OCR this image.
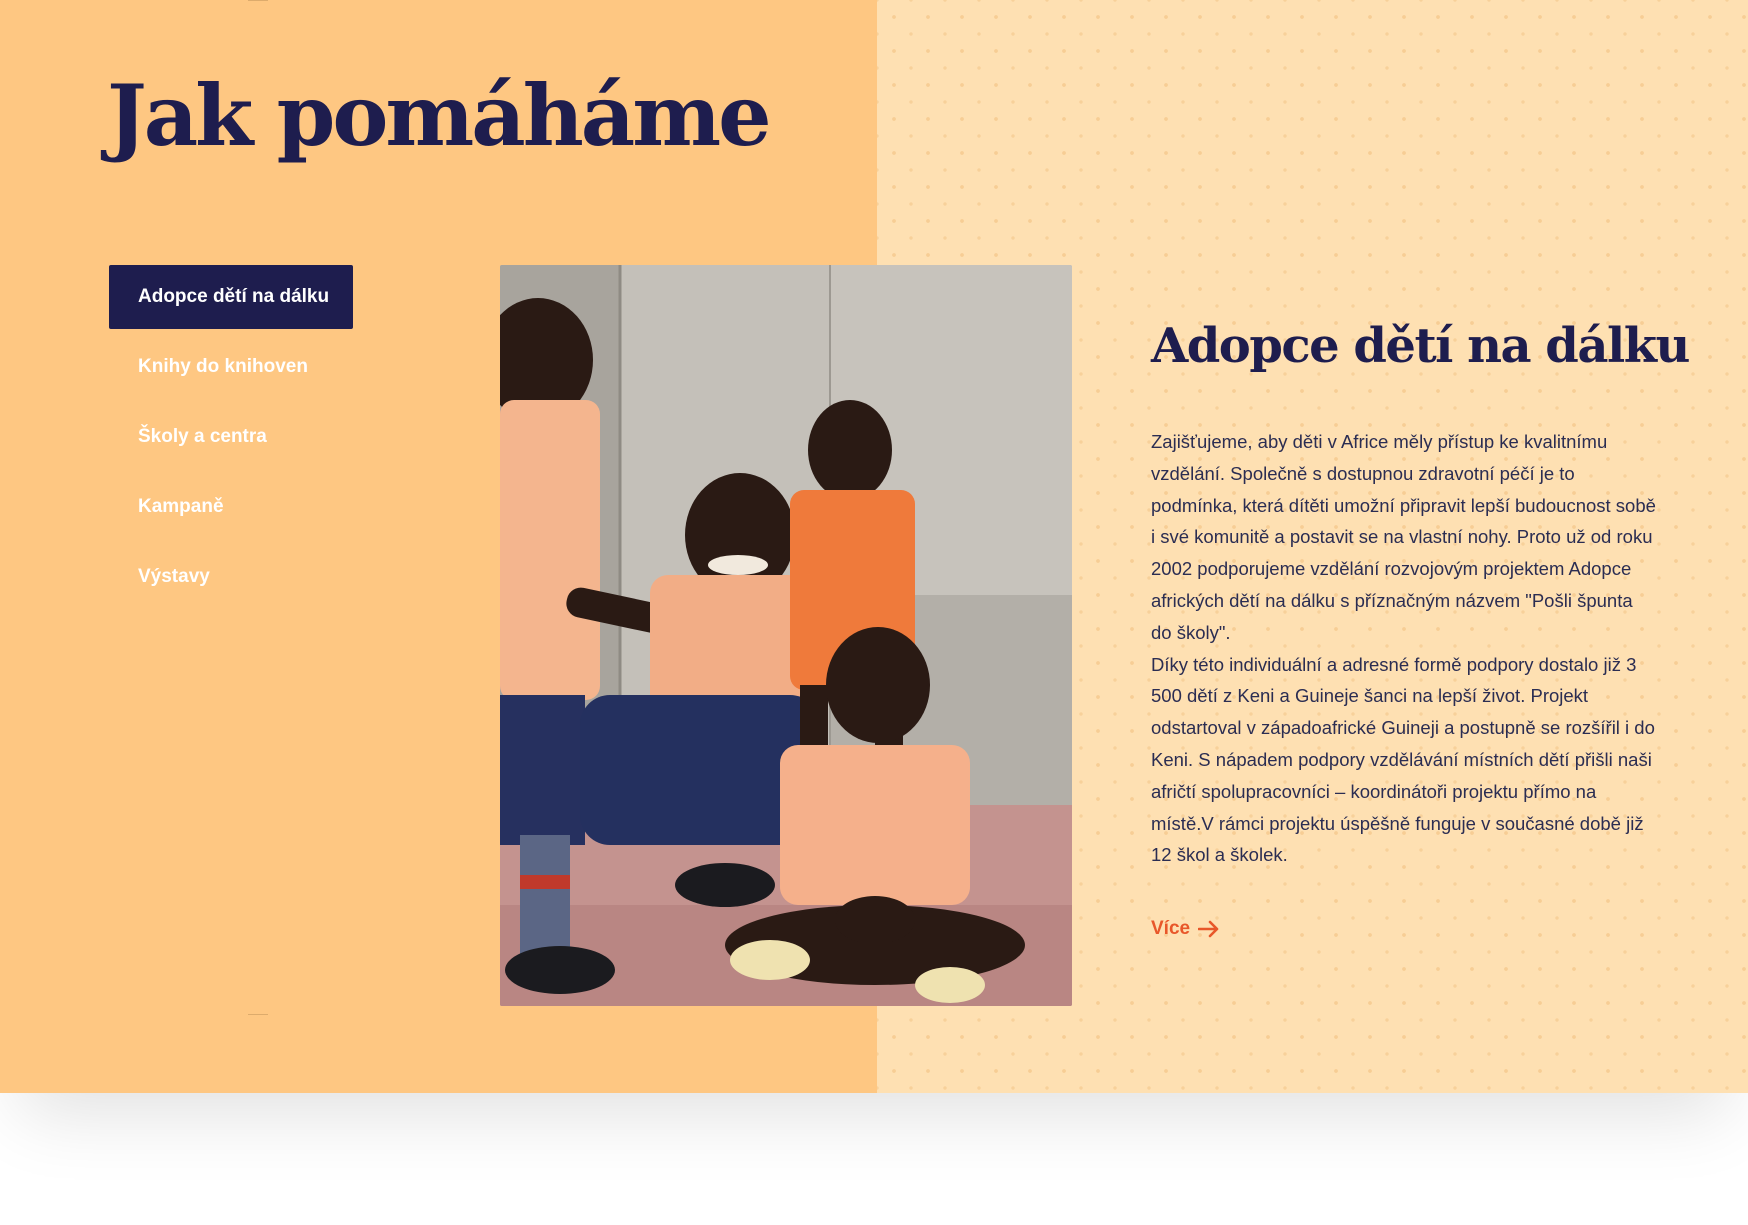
Jak pomáháme
Adopce dětí na dálku
Knihy do knihoven
Školy a centra
Kampaně
Výstavy
Adopce dětí na dálku

Zajišťujeme, aby děti v Africe měly přístup ke kvalitnímu vzdělání. Společně s dostupnou zdravotní péčí je to podmínka, která dítěti umožní připravit lepší budoucnost sobě i své komunitě a postavit se na vlastní nohy. Proto už od roku 2002 podporujeme vzdělání rozvojovým projektem Adopce afrických dětí na dálku s příznačným názvem "Pošli špunta do školy".

Díky této individuální a adresné formě podpory dostalo již 3 500 dětí z Keni a Guineje šanci na lepší život. Projekt odstartoval v západoafrické Guineji a postupně se rozšířil i do Keni. S nápadem podpory vzdělávání místních dětí přišli naši afričtí spolupracovníci – koordinátoři projektu přímo na místě.V rámci projektu úspěšně funguje v současné době již 12 škol a školek.

Více
